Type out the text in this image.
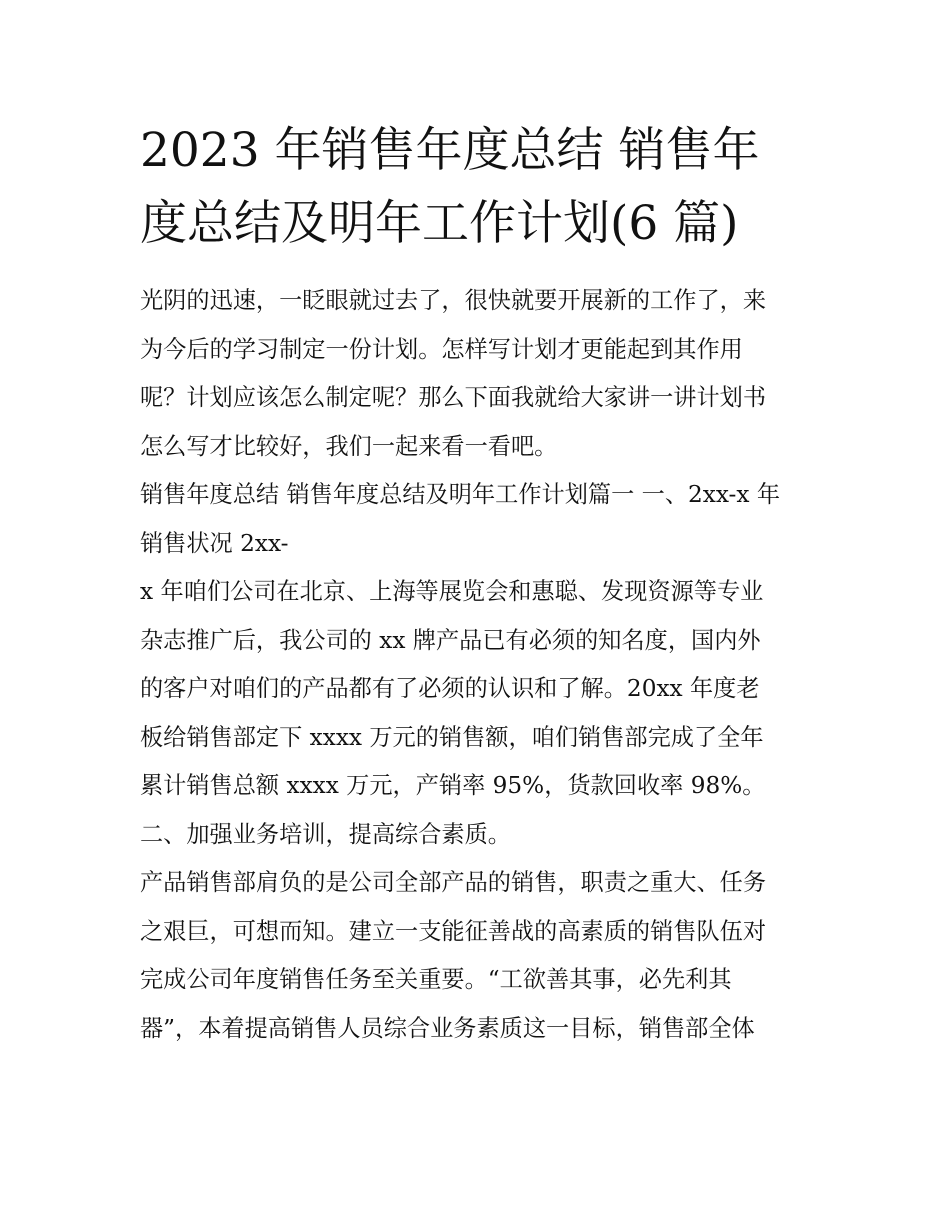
2023 年销售年度总结 销售年
度总结及明年工作计划(6 篇)

光阴的迅速，一眨眼就过去了，很快就要开展新的工作了，来
为今后的学习制定一份计划。怎样写计划才更能起到其作用
呢？计划应该怎么制定呢？那么下面我就给大家讲一讲计划书
怎么写才比较好，我们一起来看一看吧。

销售年度总结 销售年度总结及明年工作计划篇一 一、2xx-x 年
销售状况 2xx-

x 年咱们公司在北京、上海等展览会和惠聪、发现资源等专业
杂志推广后，我公司的 xx 牌产品已有必须的知名度，国内外
的客户对咱们的产品都有了必须的认识和了解。20xx 年度老
板给销售部定下 xxxx 万元的销售额，咱们销售部完成了全年
累计销售总额 xxxx 万元，产销率 95%，货款回收率 98%。

二、加强业务培训，提高综合素质。

产品销售部肩负的是公司全部产品的销售，职责之重大、任务
之艰巨，可想而知。建立一支能征善战的高素质的销售队伍对
完成公司年度销售任务至关重要。“工欲善其事，必先利其
器”，本着提高销售人员综合业务素质这一目标，销售部全体
